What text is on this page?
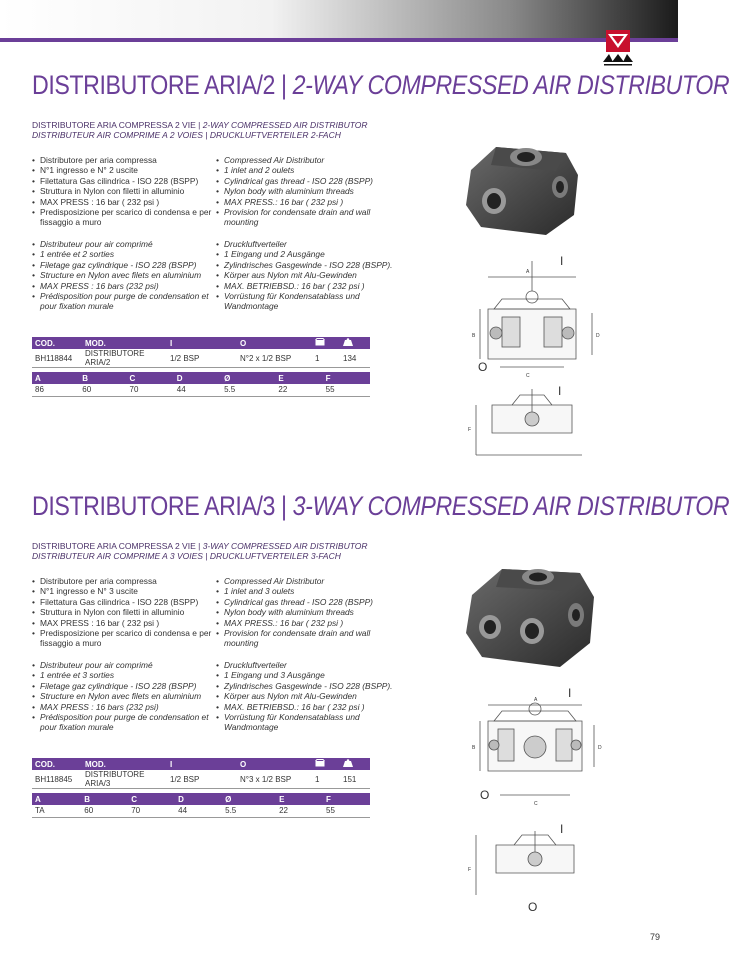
DISTRIBUTORE ARIA/2 | 2-WAY COMPRESSED AIR DISTRIBUTOR
DISTRIBUTORE ARIA COMPRESSA 2 VIE | 2-WAY COMPRESSED AIR DISTRIBUTOR
DISTRIBUTEUR AIR COMPRIME A 2 VOIES | DRUCKLUFTVERTEILER 2-FACH
• Distributore per aria compressa
• N°1 ingresso e N° 2 uscite
• Filettatura Gas cilindrica - ISO 228 (BSPP)
• Struttura in Nylon con filetti in alluminio
• MAX PRESS : 16 bar ( 232 psi )
• Predisposizione per scarico di condensa e per fissaggio a muro
• Compressed Air Distributor
• 1 inlet and 2 oulets
• Cylindrical gas thread - ISO 228 (BSPP)
• Nylon body with aluminium threads
• MAX PRESS.: 16 bar ( 232 psi )
• Provision for condensate drain and wall mounting
• Distributeur pour air comprimé
• 1 entrée et 2 sorties
• Filetage gaz cylindrique - ISO 228 (BSPP)
• Structure en Nylon avec filets en aluminium
• MAX PRESS : 16 bars (232 psi)
• Prédisposition pour purge de condensation et pour fixation murale
• Druckluftverteiler
• 1 Eingang und 2 Ausgänge
• Zylindrisches Gasgewinde - ISO 228 (BSPP).
• Körper aus Nylon mit Alu-Gewinden
• MAX. BETRIEBSD.: 16 bar ( 232 psi )
• Vorrüstung für Kondensatablass und Wandmontage
COD.	MOD.	I	O		
BH118844	DISTRIBUTORE ARIA/2	1/2 BSP	N°2 x 1/2 BSP	1	134
A	B	C	D	Ø	E	F
86	60	70	44	5.5	22	55
A
I
B	D
C
O
I
F
DISTRIBUTORE ARIA/3 | 3-WAY COMPRESSED AIR DISTRIBUTOR
DISTRIBUTORE ARIA COMPRESSA 2 VIE | 3-WAY COMPRESSED AIR DISTRIBUTOR
DISTRIBUTEUR AIR COMPRIME A 3 VOIES | DRUCKLUFTVERTEILER 3-FACH
• Distributore per aria compressa
• N°1 ingresso e N° 3 uscite
• Filettatura Gas cilindrica - ISO 228 (BSPP)
• Struttura in Nylon con filetti in alluminio
• MAX PRESS : 16 bar ( 232 psi )
• Predisposizione per scarico di condensa e per fissaggio a muro
• Compressed Air Distributor
• 1 inlet and 3 oulets
• Cylindrical gas thread - ISO 228 (BSPP)
• Nylon body with aluminium threads
• MAX PRESS.: 16 bar ( 232 psi )
• Provision for condensate drain and wall mounting
• Distributeur pour air comprimé
• 1 entrée et 3 sorties
• Filetage gaz cylindrique - ISO 228 (BSPP)
• Structure en Nylon avec filets en aluminium
• MAX PRESS : 16 bars (232 psi)
• Prédisposition pour purge de condensation et pour fixation murale
• Druckluftverteiler
• 1 Eingang und 3 Ausgänge
• Zylindrisches Gasgewinde - ISO 228 (BSPP).
• Körper aus Nylon mit Alu-Gewinden
• MAX. BETRIEBSD.: 16 bar ( 232 psi )
• Vorrüstung für Kondensatablass und Wandmontage
COD.	MOD.	I	O		
BH118845	DISTRIBUTORE ARIA/3	1/2 BSP	N°3 x 1/2 BSP	1	151
A	B	C	D	Ø	E	F
TA	60	70	44	5.5	22	55
A	I
B	D
C
O
I
F
O
79
